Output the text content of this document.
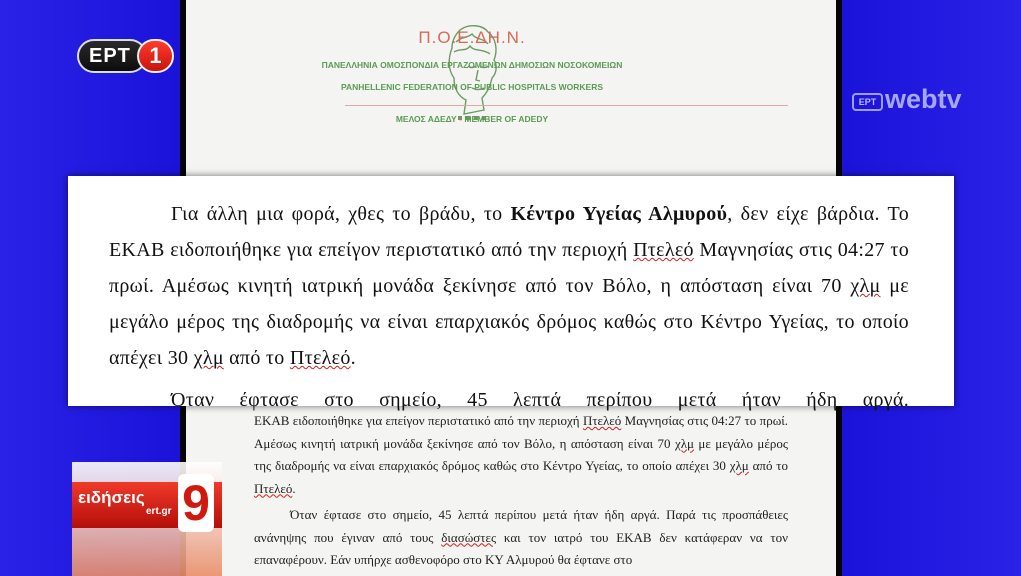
Π.Ο.Ε.ΔΗ.Ν.
ΠΑΝΕΛΛΗΝΙΑ ΟΜΟΣΠΟΝΔΙΑ ΕΡΓΑΖΟΜΕΝΩΝ ΔΗΜΟΣΙΩΝ ΝΟΣΟΚΟΜΕΙΩΝ
PANHELLENIC FEDERATION OF PUBLIC HOSPITALS WORKERS
ΜΕΛΟΣ ΑΔΕΔΥ • MEMBER OF ADEDY

ΕΚΑΒ ειδοποιήθηκε για επείγον περιστατικό από την περιοχή Πτελεό Μαγνησίας στις 04:27 το πρωί. Αμέσως κινητή ιατρική μονάδα ξεκίνησε από τον Βόλο, η απόσταση είναι 70 χλμ με μεγάλο μέρος της διαδρομής να είναι επαρχιακός δρόμος καθώς στο Κέντρο Υγείας, το οποίο απέχει 30 χλμ από το Πτελεό.

Όταν έφτασε στο σημείο, 45 λεπτά περίπου μετά ήταν ήδη αργά. Παρά τις προσπάθειες ανάνηψης που έγιναν από τους διασώστες και τον ιατρό του ΕΚΑΒ δεν κατάφεραν να τον επαναφέρουν. Εάν υπήρχε ασθενοφόρο στο ΚΥ Αλμυρού θα έφτανε στο

Για άλλη μια φορά, χθες το βράδυ, το Κέντρο Υγείας Αλμυρού, δεν είχε βάρδια. Το ΕΚΑΒ ειδοποιήθηκε για επείγον περιστατικό από την περιοχή Πτελεό Μαγνησίας στις 04:27 το πρωί. Αμέσως κινητή ιατρική μονάδα ξεκίνησε από τον Βόλο, η απόσταση είναι 70 χλμ με μεγάλο μέρος της διαδρομής να είναι επαρχιακός δρόμος καθώς στο Κέντρο Υγείας, το οποίο απέχει 30 χλμ από το Πτελεό.

Όταν έφτασε στο σημείο, 45 λεπτά περίπου μετά ήταν ήδη αργά.

ΕΡΤ 1
ΕΡΤ webtv
ειδήσεις
ert.gr 9
